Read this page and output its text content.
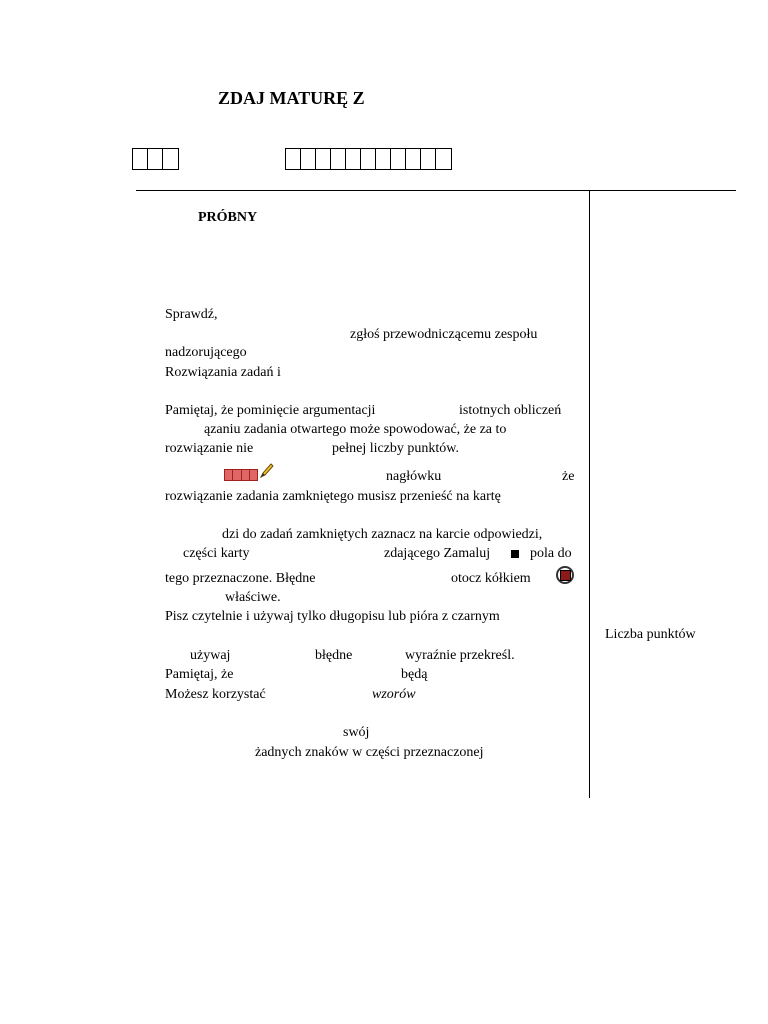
ZDAJ MATURĘ Z
PRÓBNY
Sprawdź,
zgłoś przewodniczącemu zespołu
nadzorującego
Rozwiązania zadań i
Pamiętaj, że pominięcie argumentacji	istotnych obliczeń
ązaniu zadania otwartego może spowodować, że za to
rozwiązanie nie	pełnej liczby punktów.
nagłówku	że
rozwiązanie zadania zamkniętego musisz przenieść na kartę
dzi do zadań zamkniętych zaznacz na karcie odpowiedzi,
części karty	zdającego Zamaluj	pola do
tego przeznaczone. Błędne	otocz kółkiem
właściwe.
Pisz czytelnie i używaj tylko długopisu lub pióra z czarnym
Liczba punktów
używaj	błędne	wyraźnie przekreśl.
Pamiętaj, że	będą
Możesz korzystać	wzorów
swój
żadnych znaków w części przeznaczonej
